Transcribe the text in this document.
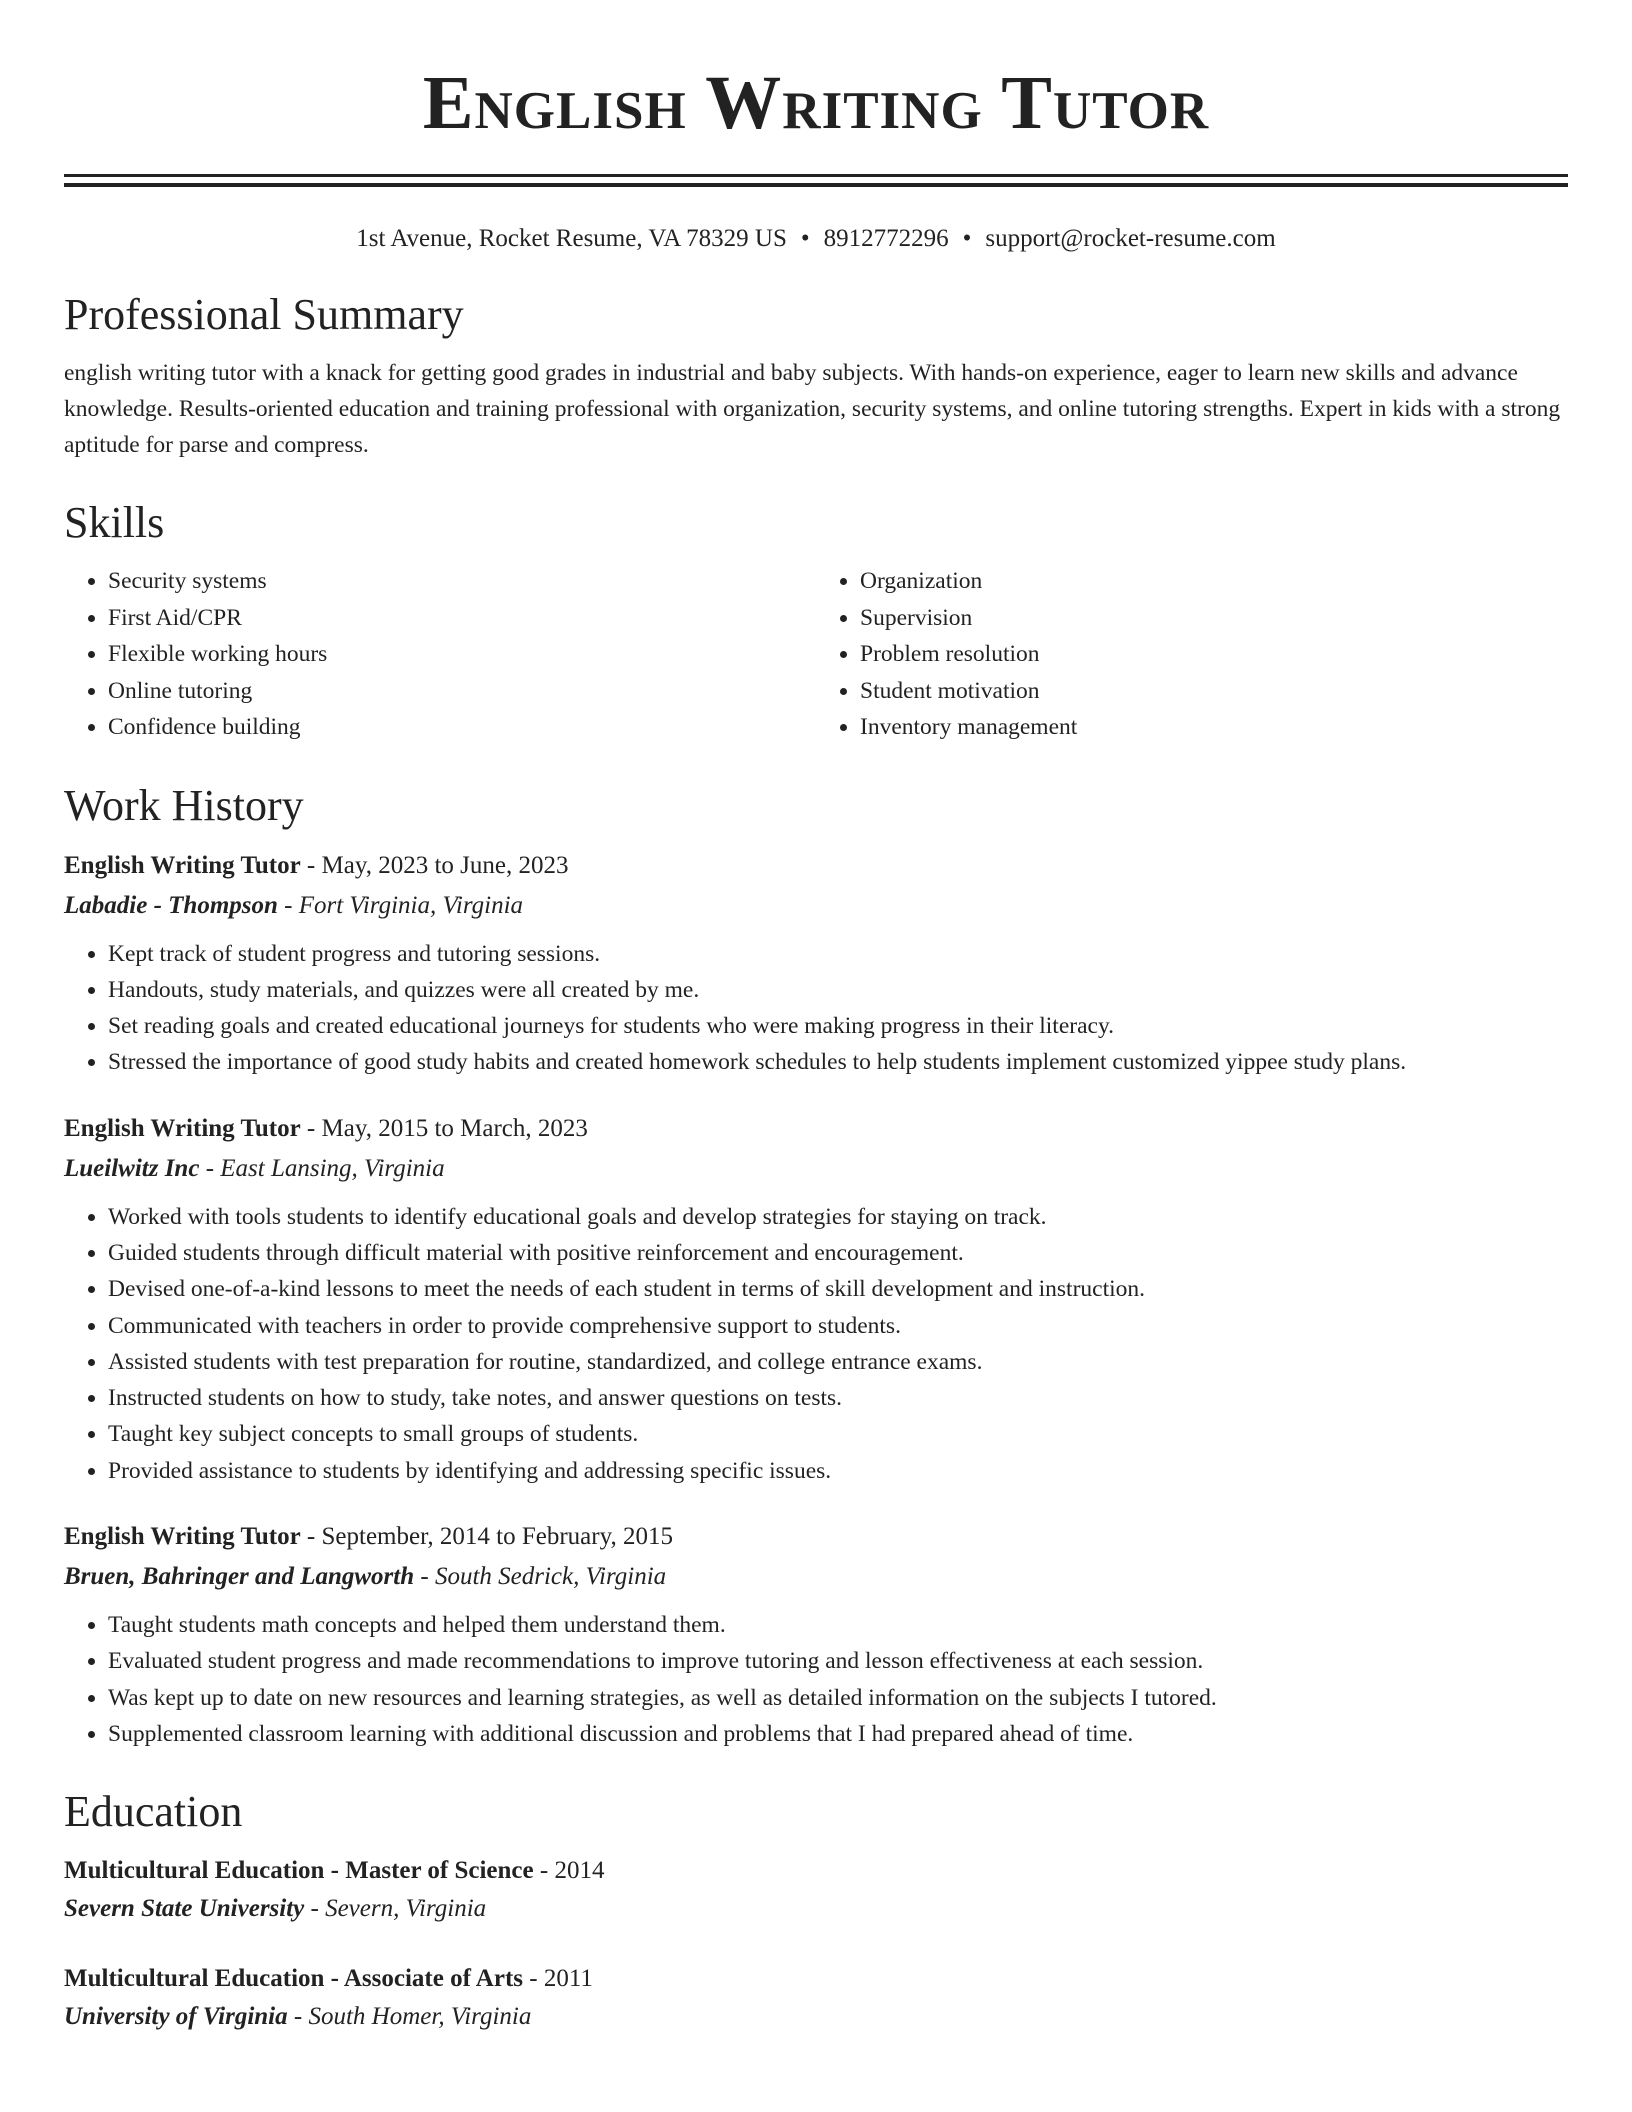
English Writing Tutor
1st Avenue, Rocket Resume, VA 78329 US • 8912772296 • support@rocket-resume.com
Professional Summary

english writing tutor with a knack for getting good grades in industrial and baby subjects. With hands-on experience, eager to learn new skills and advance knowledge. Results-oriented education and training professional with organization, security systems, and online tutoring strengths. Expert in kids with a strong aptitude for parse and compress.

Skills
• Security systems
• First Aid/CPR
• Flexible working hours
• Online tutoring
• Confidence building
• Organization
• Supervision
• Problem resolution
• Student motivation
• Inventory management
Work History

English Writing Tutor - May, 2023 to June, 2023

Labadie - Thompson - Fort Virginia, Virginia

• Kept track of student progress and tutoring sessions.
• Handouts, study materials, and quizzes were all created by me.
• Set reading goals and created educational journeys for students who were making progress in their literacy.
• Stressed the importance of good study habits and created homework schedules to help students implement customized yippee study plans.

English Writing Tutor - May, 2015 to March, 2023

Lueilwitz Inc - East Lansing, Virginia

• Worked with tools students to identify educational goals and develop strategies for staying on track.
• Guided students through difficult material with positive reinforcement and encouragement.
• Devised one-of-a-kind lessons to meet the needs of each student in terms of skill development and instruction.
• Communicated with teachers in order to provide comprehensive support to students.
• Assisted students with test preparation for routine, standardized, and college entrance exams.
• Instructed students on how to study, take notes, and answer questions on tests.
• Taught key subject concepts to small groups of students.
• Provided assistance to students by identifying and addressing specific issues.

English Writing Tutor - September, 2014 to February, 2015

Bruen, Bahringer and Langworth - South Sedrick, Virginia

• Taught students math concepts and helped them understand them.
• Evaluated student progress and made recommendations to improve tutoring and lesson effectiveness at each session.
• Was kept up to date on new resources and learning strategies, as well as detailed information on the subjects I tutored.
• Supplemented classroom learning with additional discussion and problems that I had prepared ahead of time.
Education

Multicultural Education - Master of Science - 2014

Severn State University - Severn, Virginia

Multicultural Education - Associate of Arts - 2011

University of Virginia - South Homer, Virginia
